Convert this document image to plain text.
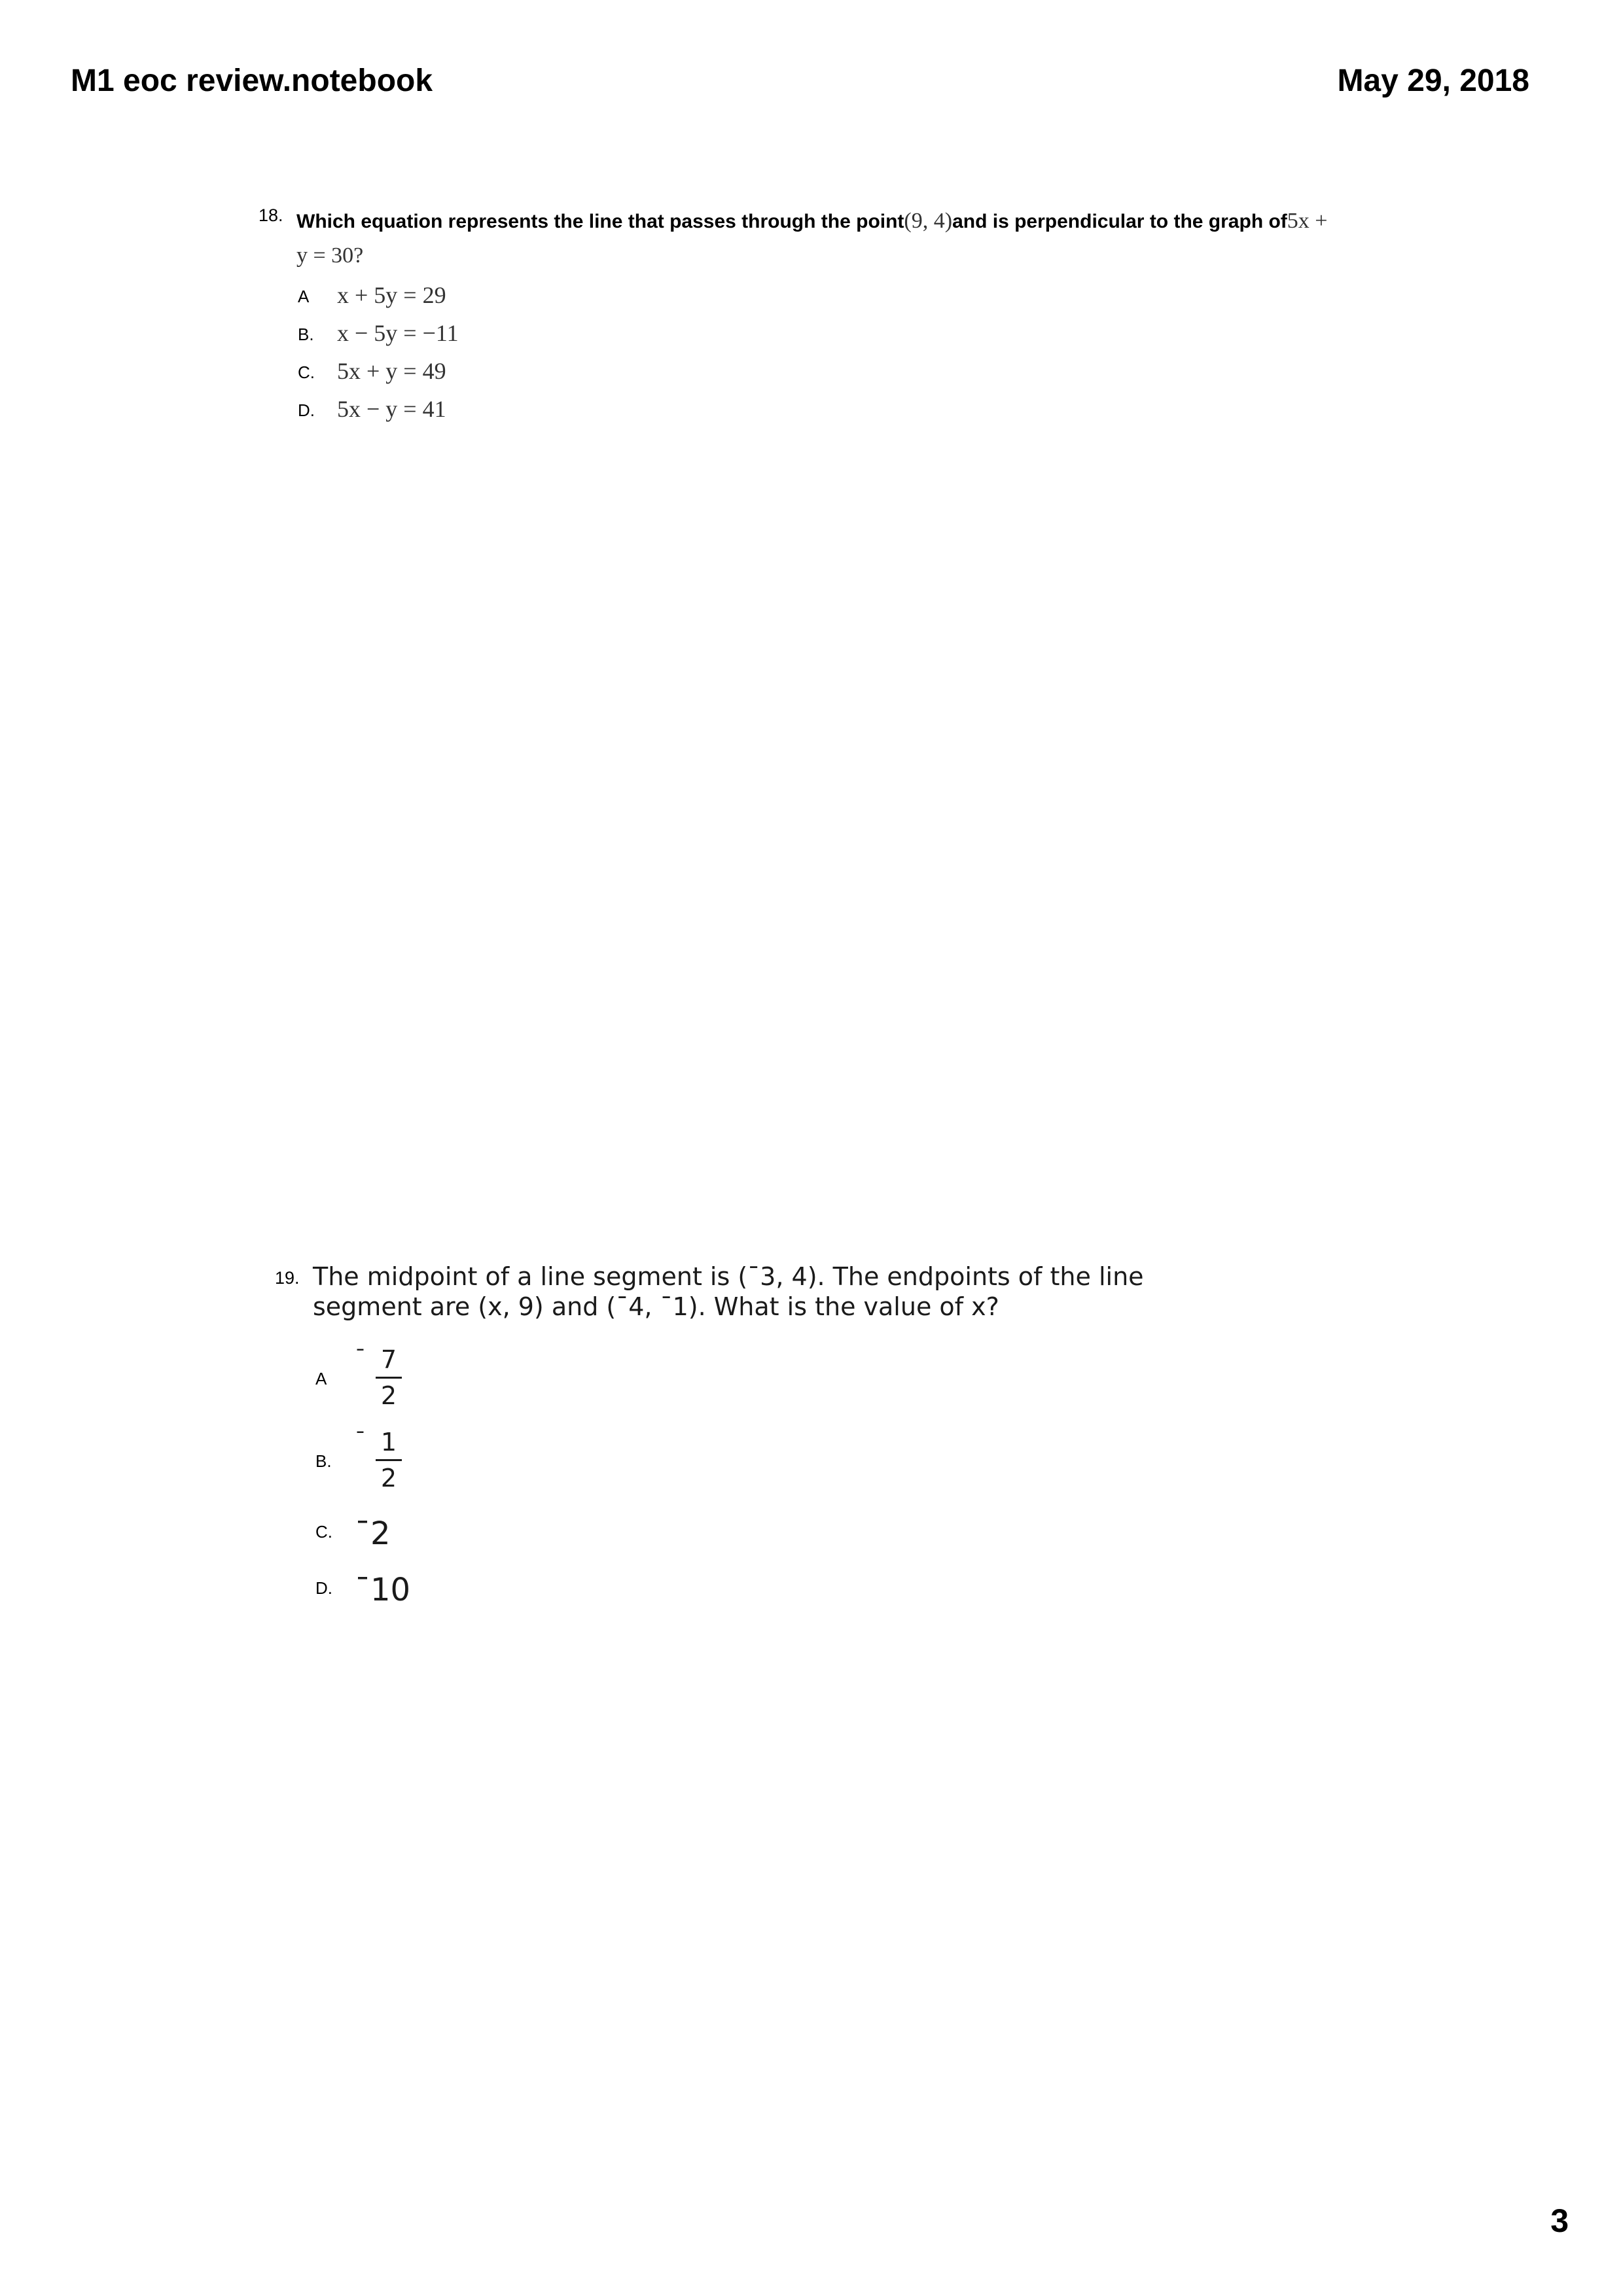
M1 eoc review.notebook	May 29, 2018
18. Which equation represents the line that passes through the point(9, 4)and is perpendicular to the graph of5x + y = 30?
A	x + 5y = 29
B. x − 5y = −11
C. 5x + y = 49
D. 5x − y = 41
19. The midpoint of a line segment is (¯3, 4). The endpoints of the line
segment are (x, 9) and (¯4, ¯1). What is the value of x?
A
¯ 7
2
B.
¯ 1
2
C. ¯2
D. ¯10
3
